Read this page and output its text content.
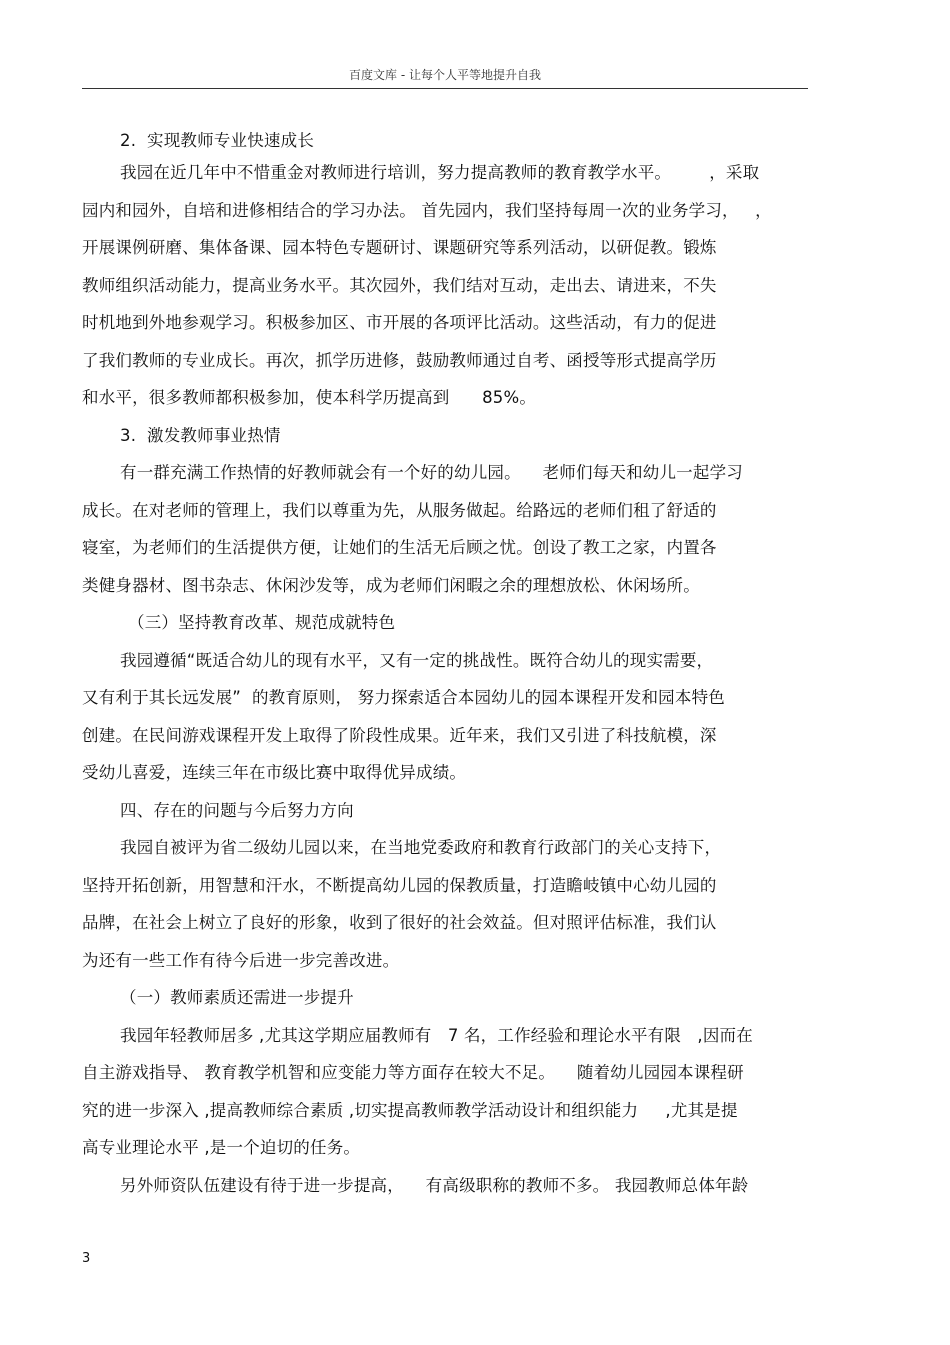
百度文库 - 让每个人平等地提升自我
2.  实现教师专业快速成长
我园在近几年中不惜重金对教师进行培训，努力提高教师的教育教学水平。       ，采取
园内和园外，自培和进修相结合的学习办法。 首先园内，我们坚持每周一次的业务学习，   ，
开展课例研磨、集体备课、园本特色专题研讨、课题研究等系列活动，以研促教。锻炼
教师组织活动能力，提高业务水平。其次园外，我们结对互动，走出去、请进来，不失
时机地到外地参观学习。积极参加区、市开展的各项评比活动。这些活动，有力的促进
了我们教师的专业成长。再次，抓学历进修，鼓励教师通过自考、函授等形式提高学历
和水平，很多教师都积极参加，使本科学历提高到      85%。
3.  激发教师事业热情
有一群充满工作热情的好教师就会有一个好的幼儿园。    老师们每天和幼儿一起学习
成长。在对老师的管理上，我们以尊重为先，从服务做起。给路远的老师们租了舒适的
寝室，为老师们的生活提供方便，让她们的生活无后顾之忧。创设了教工之家，内置各
类健身器材、图书杂志、休闲沙发等，成为老师们闲暇之余的理想放松、休闲场所。
（三）坚持教育改革、规范成就特色
我园遵循“既适合幼儿的现有水平，又有一定的挑战性。既符合幼儿的现实需要，
又有利于其长远发展”  的教育原则， 努力探索适合本园幼儿的园本课程开发和园本特色
创建。在民间游戏课程开发上取得了阶段性成果。近年来，我们又引进了科技航模，深
受幼儿喜爱，连续三年在市级比赛中取得优异成绩。
四、存在的问题与今后努力方向
我园自被评为省二级幼儿园以来，在当地党委政府和教育行政部门的关心支持下，
坚持开拓创新，用智慧和汗水，不断提高幼儿园的保教质量，打造瞻岐镇中心幼儿园的
品牌，在社会上树立了良好的形象，收到了很好的社会效益。但对照评估标准，我们认
为还有一些工作有待今后进一步完善改进。
（一）教师素质还需进一步提升
我园年轻教师居多 ,尤其这学期应届教师有   7 名，工作经验和理论水平有限   ,因而在
自主游戏指导、 教育教学机智和应变能力等方面存在较大不足。    随着幼儿园园本课程研
究的进一步深入 ,提高教师综合素质 ,切实提高教师教学活动设计和组织能力     ,尤其是提
高专业理论水平 ,是一个迫切的任务。
另外师资队伍建设有待于进一步提高，    有高级职称的教师不多。 我园教师总体年龄
3
